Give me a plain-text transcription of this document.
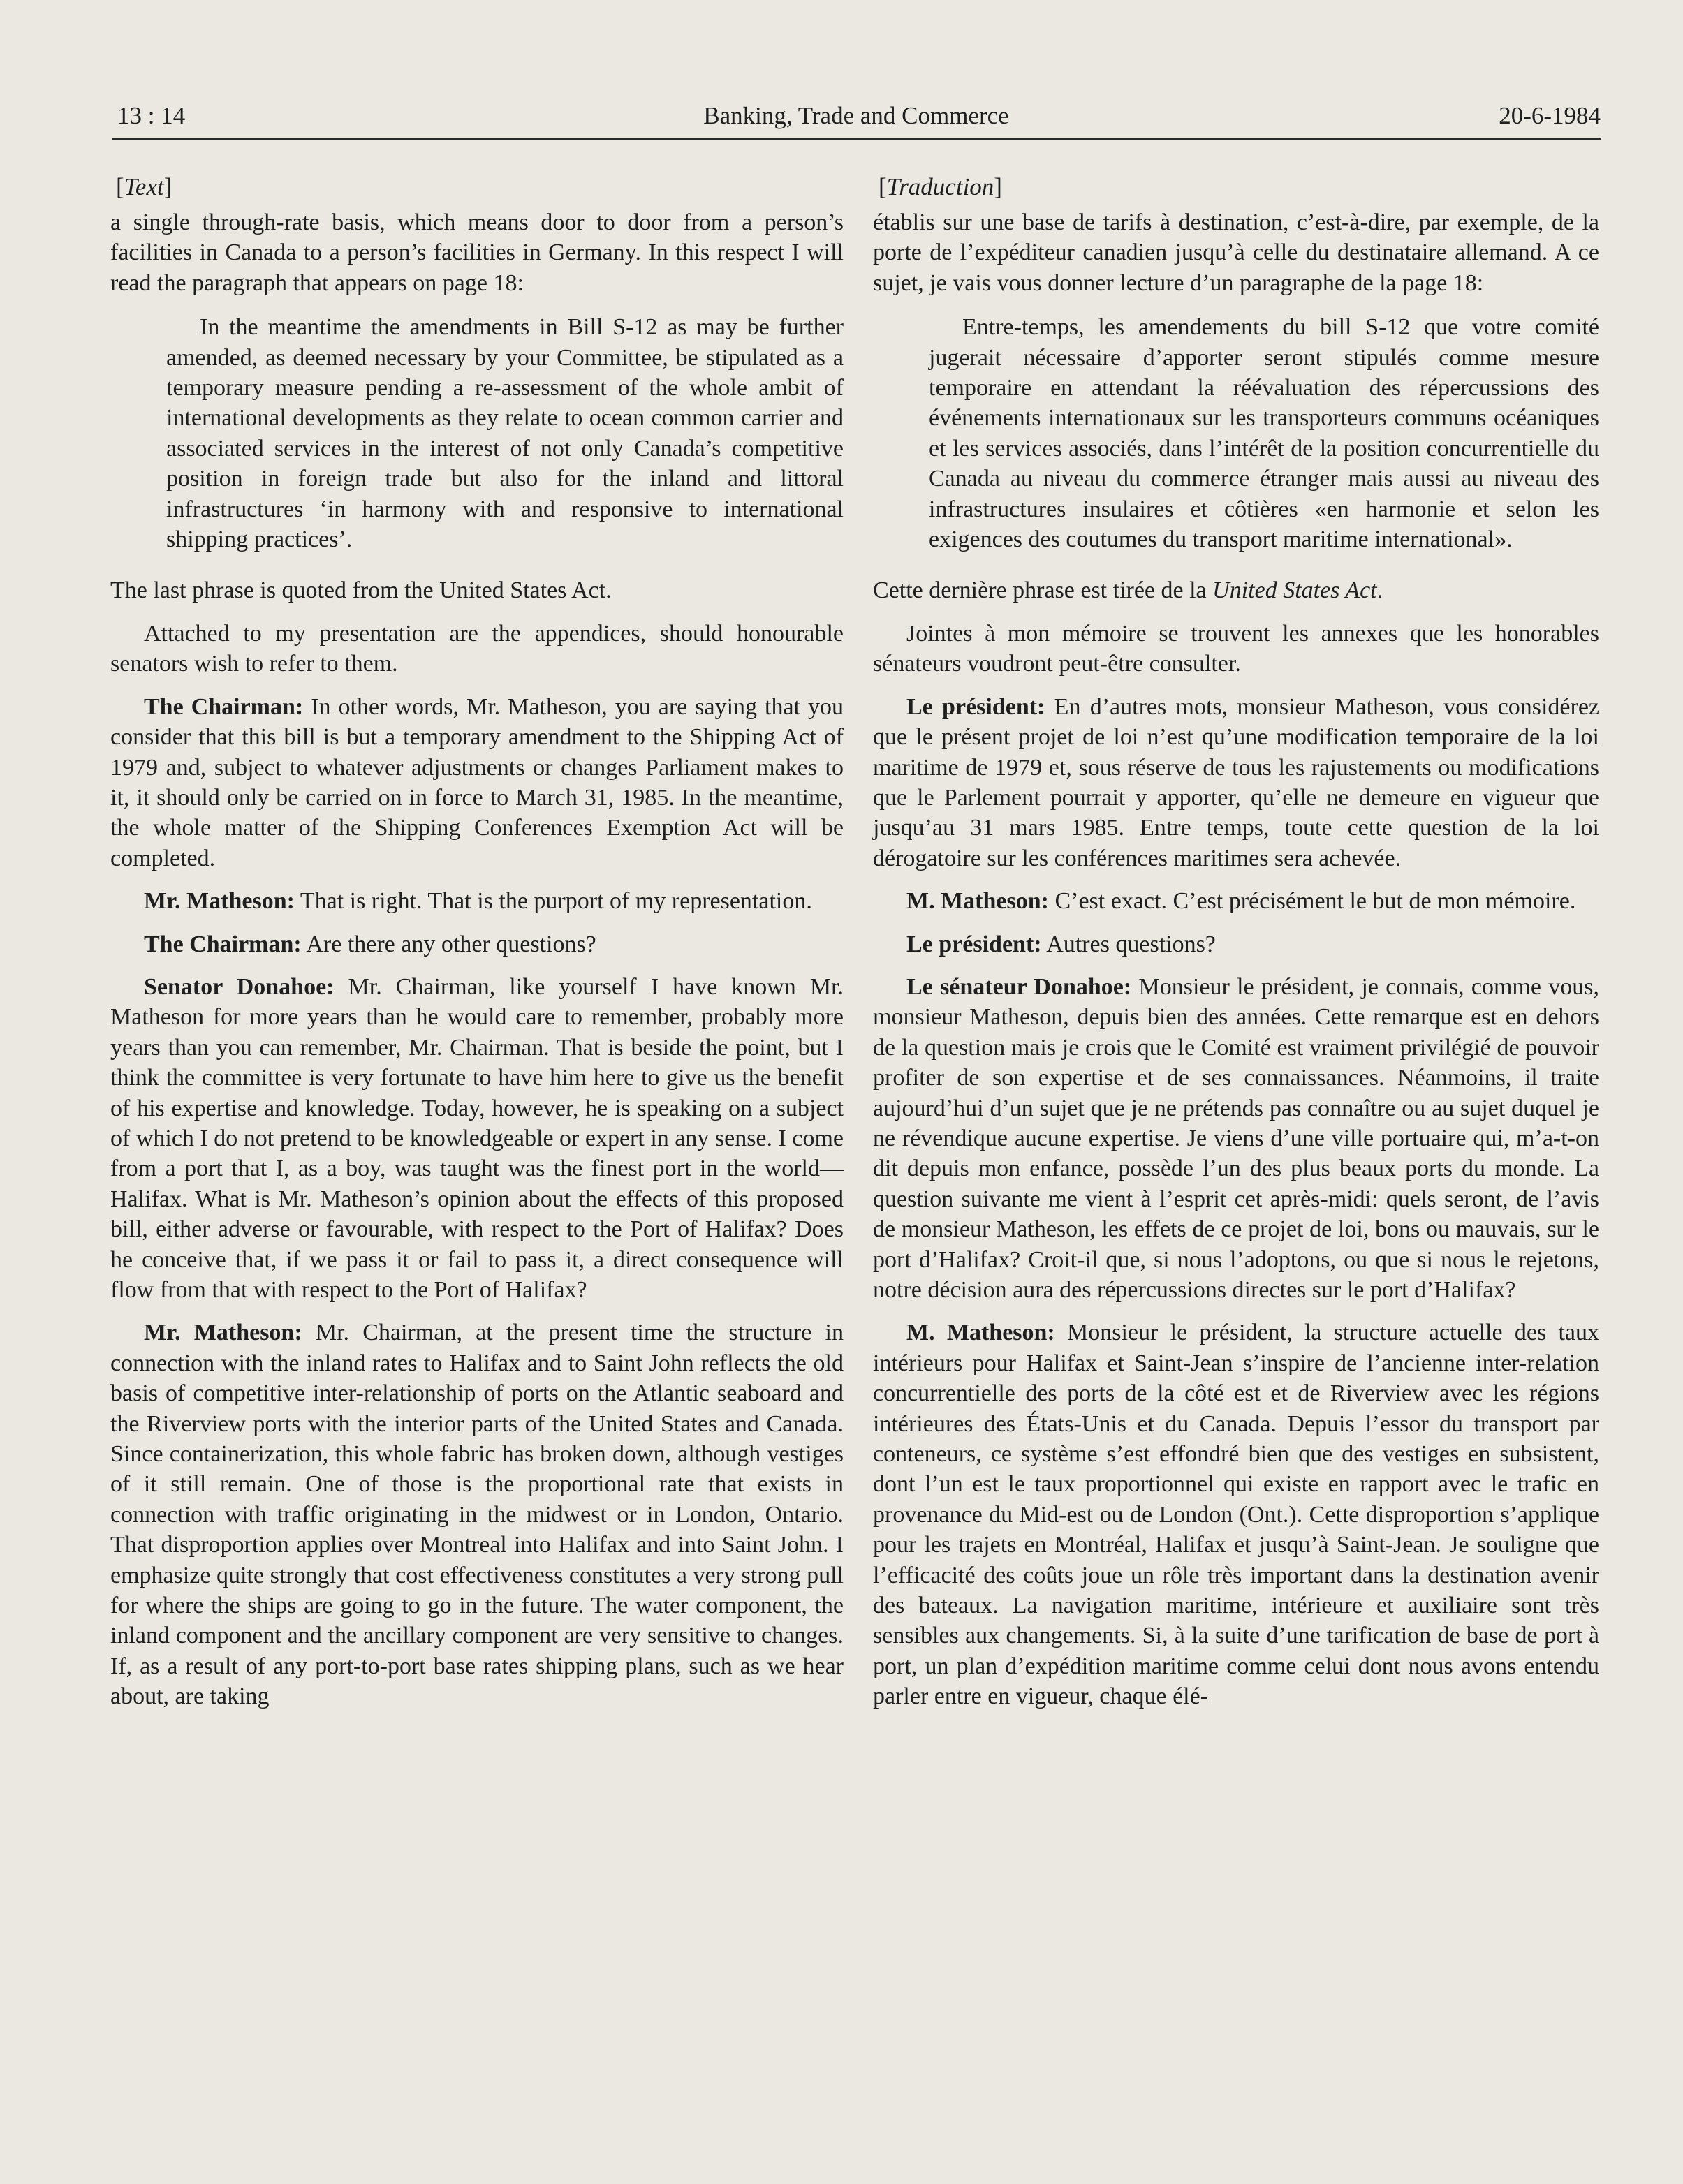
13 : 14	Banking, Trade and Commerce	20-6-1984
[Text]

a single through-rate basis, which means door to door from a person’s facilities in Canada to a person’s facilities in Germany. In this respect I will read the paragraph that appears on page 18:

In the meantime the amendments in Bill S-12 as may be further amended, as deemed necessary by your Committee, be stipulated as a temporary measure pending a re-assessment of the whole ambit of international developments as they relate to ocean common carrier and associated services in the interest of not only Canada’s competitive position in foreign trade but also for the inland and littoral infrastructures ‘in harmony with and responsive to international shipping practices’.

The last phrase is quoted from the United States Act.

Attached to my presentation are the appendices, should honourable senators wish to refer to them.

The Chairman: In other words, Mr. Matheson, you are saying that you consider that this bill is but a temporary amendment to the Shipping Act of 1979 and, subject to whatever adjustments or changes Parliament makes to it, it should only be carried on in force to March 31, 1985. In the meantime, the whole matter of the Shipping Conferences Exemption Act will be completed.

Mr. Matheson: That is right. That is the purport of my representation.

The Chairman: Are there any other questions?

Senator Donahoe: Mr. Chairman, like yourself I have known Mr. Matheson for more years than he would care to remember, probably more years than you can remember, Mr. Chairman. That is beside the point, but I think the committee is very fortunate to have him here to give us the benefit of his expertise and knowledge. Today, however, he is speaking on a subject of which I do not pretend to be knowledgeable or expert in any sense. I come from a port that I, as a boy, was taught was the finest port in the world—Halifax. What is Mr. Matheson’s opinion about the effects of this proposed bill, either adverse or favourable, with respect to the Port of Halifax? Does he conceive that, if we pass it or fail to pass it, a direct consequence will flow from that with respect to the Port of Halifax?

Mr. Matheson: Mr. Chairman, at the present time the structure in connection with the inland rates to Halifax and to Saint John reflects the old basis of competitive inter-relationship of ports on the Atlantic seaboard and the Riverview ports with the interior parts of the United States and Canada. Since containerization, this whole fabric has broken down, although vestiges of it still remain. One of those is the proportional rate that exists in connection with traffic originating in the midwest or in London, Ontario. That disproportion applies over Montreal into Halifax and into Saint John. I emphasize quite strongly that cost effectiveness constitutes a very strong pull for where the ships are going to go in the future. The water component, the inland component and the ancillary component are very sensitive to changes. If, as a result of any port-to-port base rates shipping plans, such as we hear about, are taking

[Traduction]

établis sur une base de tarifs à destination, c’est-à-dire, par exemple, de la porte de l’expéditeur canadien jusqu’à celle du destinataire allemand. A ce sujet, je vais vous donner lecture d’un paragraphe de la page 18:

Entre-temps, les amendements du bill S-12 que votre comité jugerait nécessaire d’apporter seront stipulés comme mesure temporaire en attendant la réévaluation des répercussions des événements internationaux sur les transporteurs communs océaniques et les services associés, dans l’intérêt de la position concurrentielle du Canada au niveau du commerce étranger mais aussi au niveau des infrastructures insulaires et côtières «en harmonie et selon les exigences des coutumes du transport maritime international».

Cette dernière phrase est tirée de la United States Act.

Jointes à mon mémoire se trouvent les annexes que les honorables sénateurs voudront peut-être consulter.

Le président: En d’autres mots, monsieur Matheson, vous considérez que le présent projet de loi n’est qu’une modification temporaire de la loi maritime de 1979 et, sous réserve de tous les rajustements ou modifications que le Parlement pourrait y apporter, qu’elle ne demeure en vigueur que jusqu’au 31 mars 1985. Entre temps, toute cette question de la loi dérogatoire sur les conférences maritimes sera achevée.

M. Matheson: C’est exact. C’est précisément le but de mon mémoire.

Le président: Autres questions?

Le sénateur Donahoe: Monsieur le président, je connais, comme vous, monsieur Matheson, depuis bien des années. Cette remarque est en dehors de la question mais je crois que le Comité est vraiment privilégié de pouvoir profiter de son expertise et de ses connaissances. Néanmoins, il traite aujourd’hui d’un sujet que je ne prétends pas connaître ou au sujet duquel je ne révendique aucune expertise. Je viens d’une ville portuaire qui, m’a-t-on dit depuis mon enfance, possède l’un des plus beaux ports du monde. La question suivante me vient à l’esprit cet après-midi: quels seront, de l’avis de monsieur Matheson, les effets de ce projet de loi, bons ou mauvais, sur le port d’Halifax? Croit-il que, si nous l’adoptons, ou que si nous le rejetons, notre décision aura des répercussions directes sur le port d’Halifax?

M. Matheson: Monsieur le président, la structure actuelle des taux intérieurs pour Halifax et Saint-Jean s’inspire de l’ancienne inter-relation concurrentielle des ports de la côté est et de Riverview avec les régions intérieures des États-Unis et du Canada. Depuis l’essor du transport par conteneurs, ce système s’est effondré bien que des vestiges en subsistent, dont l’un est le taux proportionnel qui existe en rapport avec le trafic en provenance du Mid-est ou de London (Ont.). Cette disproportion s’applique pour les trajets en Montréal, Halifax et jusqu’à Saint-Jean. Je souligne que l’efficacité des coûts joue un rôle très important dans la destination avenir des bateaux. La navigation maritime, intérieure et auxiliaire sont très sensibles aux changements. Si, à la suite d’une tarification de base de port à port, un plan d’expédition maritime comme celui dont nous avons entendu parler entre en vigueur, chaque élé-
